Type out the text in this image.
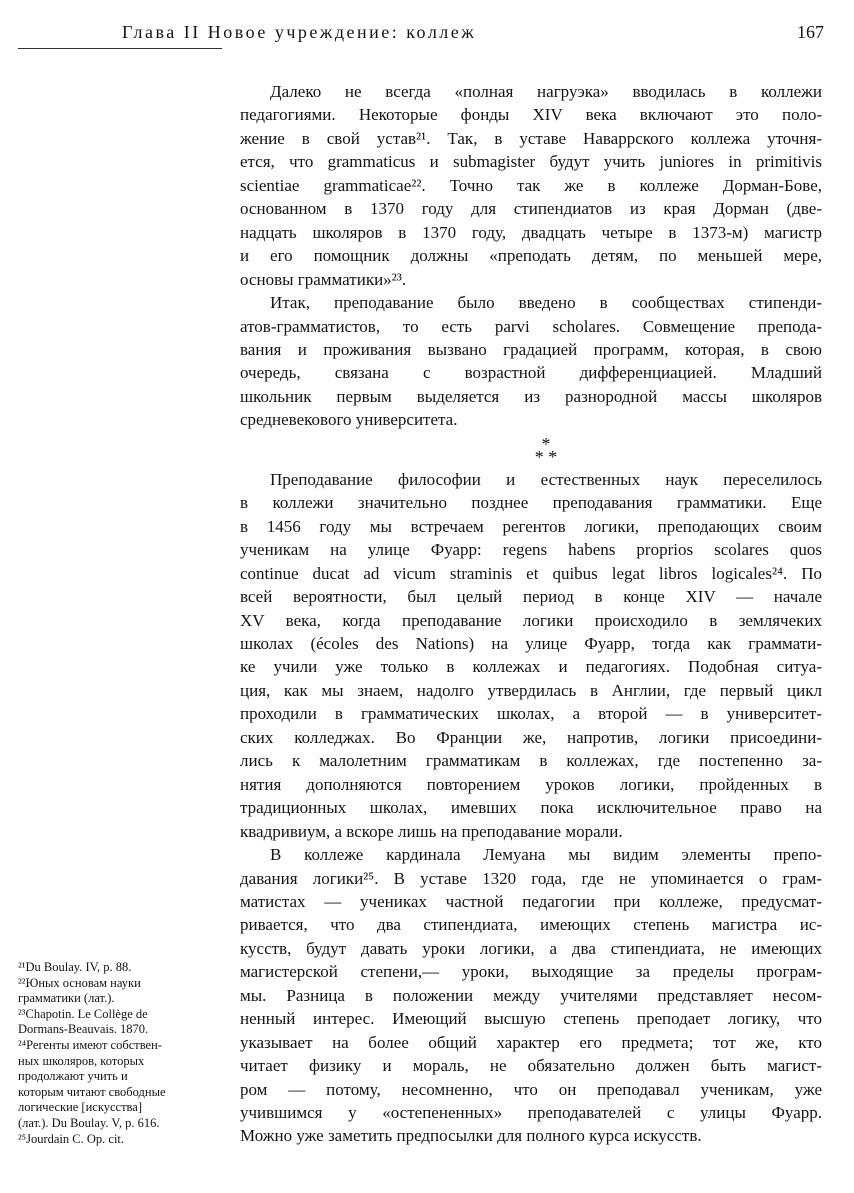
Глава II Новое учреждение: коллеж	167

Далеко не всегда «полная нагруэка» вводилась в коллежи
педагогиями. Некоторые фонды XIV века включают это поло-
жение в свой устав²¹. Так, в уставе Наваррского коллежа уточня-
ется, что grammaticus и submagister будут учить juniores in primitivis
scientiae grammaticae²². Точно так же в коллеже Дорман-Бове,
основанном в 1370 году для стипендиатов из края Дорман (две-
надцать школяров в 1370 году, двадцать четыре в 1373-м) магистр
и его помощник должны «преподать детям, по меньшей мере,
основы грамматики»²³.

Итак, преподавание было введено в сообществах стипенди-
атов-грамматистов, то есть parvi scholares. Совмещение препода-
вания и проживания вызвано градацией программ, которая, в свою
очередь, связана с возрастной дифференциацией. Младший
школьник первым выделяется из разнородной массы школяров
средневекового университета.

*
* *

Преподавание философии и естественных наук переселилось
в коллежи значительно позднее преподавания грамматики. Еще
в 1456 году мы встречаем регентов логики, преподающих своим
ученикам на улице Фуарр: regens habens proprios scolares quos
continue ducat ad vicum straminis et quibus legat libros logicales²⁴. По
всей вероятности, был целый период в конце XIV — начале
XV века, когда преподавание логики происходило в землячеких
школах (écoles des Nations) на улице Фуарр, тогда как граммати-
ке учили уже только в коллежах и педагогиях. Подобная ситуа-
ция, как мы знаем, надолго утвердилась в Англии, где первый цикл
проходили в грамматических школах, а второй — в университет-
ских колледжах. Во Франции же, напротив, логики присоедини-
лись к малолетним грамматикам в коллежах, где постепенно за-
нятия дополняются повторением уроков логики, пройденных в
традиционных школах, имевших пока исключительное право на
квадривиум, а вскоре лишь на преподавание морали.

В коллеже кардинала Лемуана мы видим элементы препо-
давания логики²⁵. В уставе 1320 года, где не упоминается о грам-
матистах — учениках частной педагогии при коллеже, предусмат-
ривается, что два стипендиата, имеющих степень магистра ис-
кусств, будут давать уроки логики, а два стипендиата, не имеющих
магистерской степени,— уроки, выходящие за пределы програм-
мы. Разница в положении между учителями представляет несом-
ненный интерес. Имеющий высшую степень преподает логику, что
указывает на более общий характер его предмета; тот же, кто
читает физику и мораль, не обязательно должен быть магист-
ром — потому, несомненно, что он преподавал ученикам, уже
учившимся у «остепененных» преподавателей с улицы Фуарр.
Можно уже заметить предпосылки для полного курса искусств.

²¹Du Boulay. IV, p. 88.
²²Юных основам науки
грамматики (лат.).
²³Chapotin. Le Collège de
Dormans-Beauvais. 1870.
²⁴Регенты имеют собствен-
ных школяров, которых
продолжают учить и
которым читают свободные
логические [искусства]
(лат.). Du Boulay. V, p. 616.
²⁵Jourdain C. Op. cit.
